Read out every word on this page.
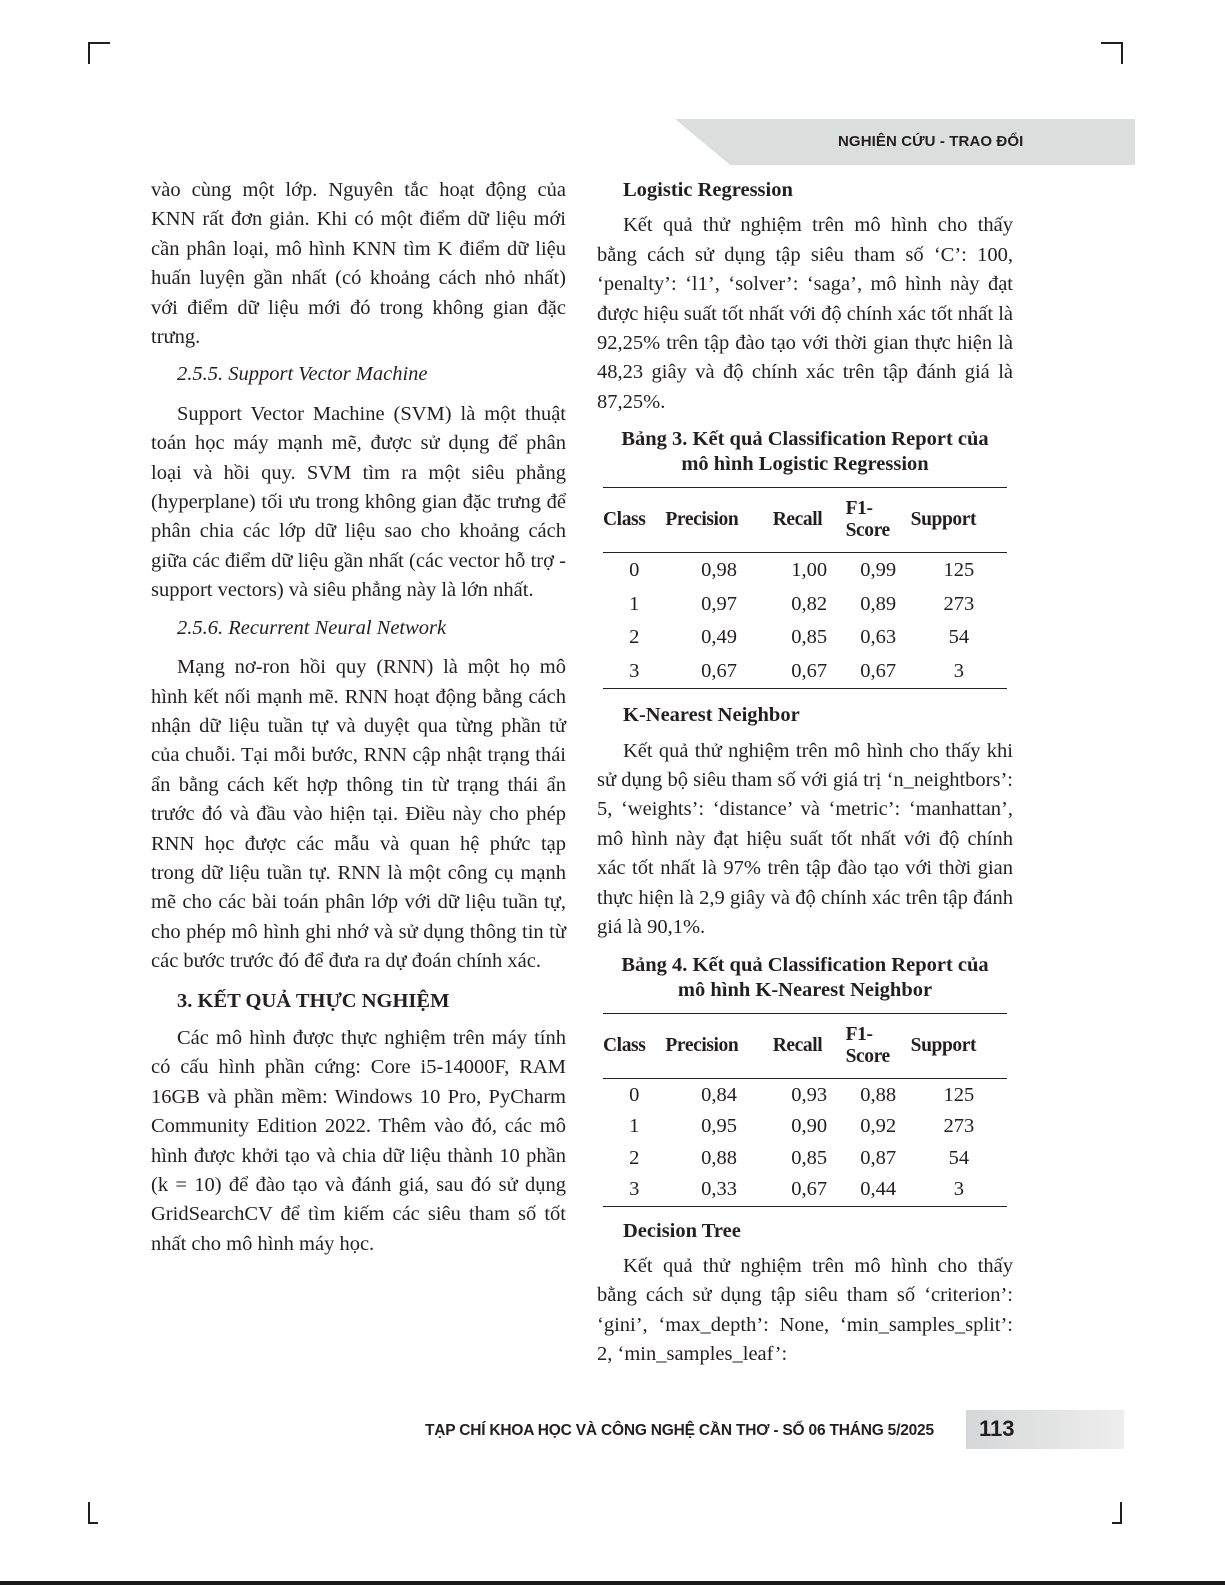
NGHIÊN CỨU - TRAO ĐỔI

vào cùng một lớp. Nguyên tắc hoạt động của KNN rất đơn giản. Khi có một điểm dữ liệu mới cần phân loại, mô hình KNN tìm K điểm dữ liệu huấn luyện gần nhất (có khoảng cách nhỏ nhất) với điểm dữ liệu mới đó trong không gian đặc trưng.

2.5.5. Support Vector Machine

Support Vector Machine (SVM) là một thuật toán học máy mạnh mẽ, được sử dụng để phân loại và hồi quy. SVM tìm ra một siêu phẳng (hyperplane) tối ưu trong không gian đặc trưng để phân chia các lớp dữ liệu sao cho khoảng cách giữa các điểm dữ liệu gần nhất (các vector hỗ trợ - support vectors) và siêu phẳng này là lớn nhất.

2.5.6. Recurrent Neural Network

Mạng nơ-ron hồi quy (RNN) là một họ mô hình kết nối mạnh mẽ. RNN hoạt động bằng cách nhận dữ liệu tuần tự và duyệt qua từng phần tử của chuỗi. Tại mỗi bước, RNN cập nhật trạng thái ẩn bằng cách kết hợp thông tin từ trạng thái ẩn trước đó và đầu vào hiện tại. Điều này cho phép RNN học được các mẫu và quan hệ phức tạp trong dữ liệu tuần tự. RNN là một công cụ mạnh mẽ cho các bài toán phân lớp với dữ liệu tuần tự, cho phép mô hình ghi nhớ và sử dụng thông tin từ các bước trước đó để đưa ra dự đoán chính xác.

3. KẾT QUẢ THỰC NGHIỆM

Các mô hình được thực nghiệm trên máy tính có cấu hình phần cứng: Core i5-14000F, RAM 16GB và phần mềm: Windows 10 Pro, PyCharm Community Edition 2022. Thêm vào đó, các mô hình được khởi tạo và chia dữ liệu thành 10 phần (k = 10) để đào tạo và đánh giá, sau đó sử dụng GridSearchCV để tìm kiếm các siêu tham số tốt nhất cho mô hình máy học.

Logistic Regression

Kết quả thử nghiệm trên mô hình cho thấy bằng cách sử dụng tập siêu tham số ‘C’: 100, ‘penalty’: ‘l1’, ‘solver’: ‘saga’, mô hình này đạt được hiệu suất tốt nhất với độ chính xác tốt nhất là 92,25% trên tập đào tạo với thời gian thực hiện là 48,23 giây và độ chính xác trên tập đánh giá là 87,25%.

Bảng 3. Kết quả Classification Report của
mô hình Logistic Regression

Class	Precision	Recall	F1-
Score	Support
0	0,98	1,00	0,99	125
1	0,97	0,82	0,89	273
2	0,49	0,85	0,63	54
3	0,67	0,67	0,67	3

K-Nearest Neighbor

Kết quả thử nghiệm trên mô hình cho thấy khi sử dụng bộ siêu tham số với giá trị ‘n_neightbors’: 5, ‘weights’: ‘distance’ và ‘metric’: ‘manhattan’, mô hình này đạt hiệu suất tốt nhất với độ chính xác tốt nhất là 97% trên tập đào tạo với thời gian thực hiện là 2,9 giây và độ chính xác trên tập đánh giá là 90,1%.

Bảng 4. Kết quả Classification Report của
mô hình K-Nearest Neighbor

Class	Precision	Recall	F1-
Score	Support
0	0,84	0,93	0,88	125
1	0,95	0,90	0,92	273
2	0,88	0,85	0,87	54
3	0,33	0,67	0,44	3

Decision Tree

Kết quả thử nghiệm trên mô hình cho thấy bằng cách sử dụng tập siêu tham số ‘criterion’: ‘gini’, ‘max_depth’: None, ‘min_samples_split’: 2, ‘min_samples_leaf’:

TẠP CHÍ KHOA HỌC VÀ CÔNG NGHỆ CẦN THƠ - SỐ 06 THÁNG 5/2025 113
